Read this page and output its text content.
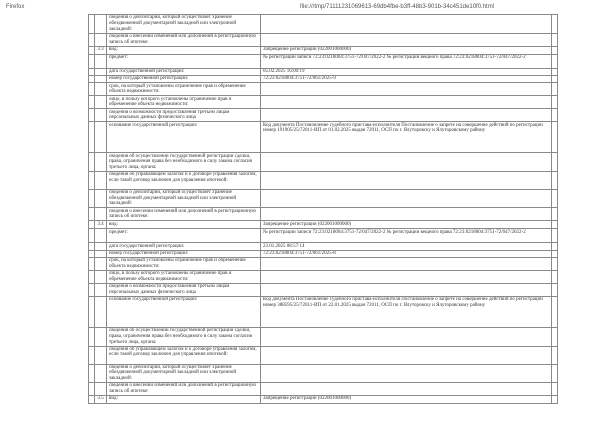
Firefox	file:///tmp/71111231069613-69db4fbe-b3ff-48b3-901b-34c451de10f0.html
		сведения о депозитарии, который осуществляет хранение обездвиженной документарной закладной или электронной закладной:		
		сведения о внесении изменений или дополнений в регистрационную запись об ипотеке:		
	3.3	вид:	Запрещение регистрации (022001000000)	
		предмет:	№ регистрации записи 72:23:0218004:3751-72/047/2022-2 № регистрации вещного права 72:23:0218004:3751-72/047/2022-2	
		дата государственной регистрации:	05.02.2025 16:00:19	
		номер государственной регистрации:	72:23:0218004:3751-72/061/2025-9	
		срок, на который установлены ограничение прав и обременение объекта недвижимости:		
		лицо, в пользу которого установлены ограничение прав и обременение объекта недвижимости:		
		сведения о возможности предоставления третьим лицам персональных данных физического лица		
		основание государственной регистрации:	Код документа Постановление судебного пристава-исполнителя Постановление о запрете на совершение действий по регистрации номер 191905/25/72011-ИП от 01.02.2025 выдан 72011, ОСП по г. Ялуторовску и Ялуторовскому району	
		сведения об осуществлении государственной регистрации сделки, права, ограничения права без необходимого в силу закона согласия третьего лица, органа:		
		сведения об управляющем залогом и о договоре управления залогом, если такой договор заключен для управления ипотекой:		
		сведения о депозитарии, который осуществляет хранение обездвиженной документарной закладной или электронной закладной:		
		сведения о внесении изменений или дополнений в регистрационную запись об ипотеке:		
	3.4	вид:	Запрещение регистрации (022001000000)	
		предмет:	№ регистрации записи 72:23:0218004:3751-72/047/2022-2 № регистрации вещного права 72:23:0218004:3751-72/047/2022-2	
		дата государственной регистрации:	23.01.2025 08:57:14	
		номер государственной регистрации:	72:23:0218004:3751-72/061/2025-8	
		срок, на который установлены ограничение прав и обременение объекта недвижимости:		
		лицо, в пользу которого установлены ограничение прав и обременение объекта недвижимости:		
		сведения о возможности предоставления третьим лицам персональных данных физического лица		
		основание государственной регистрации:	Код документа Постановление судебного пристава-исполнителя Постановление о запрете на совершение действий по регистрации номер 388595/25/72011-ИП от 22.01.2025 выдан 72011, ОСП по г. Ялуторовску и Ялуторовскому району	
		сведения об осуществлении государственной регистрации сделки, права, ограничения права без необходимого в силу закона согласия третьего лица, органа:		
		сведения об управляющем залогом и о договоре управления залогом, если такой договор заключен для управления ипотекой:		
		сведения о депозитарии, который осуществляет хранение обездвиженной документарной закладной или электронной закладной:		
		сведения о внесении изменений или дополнений в регистрационную запись об ипотеке:		
	3.5	вид:	Запрещение регистрации (022001000000)	
